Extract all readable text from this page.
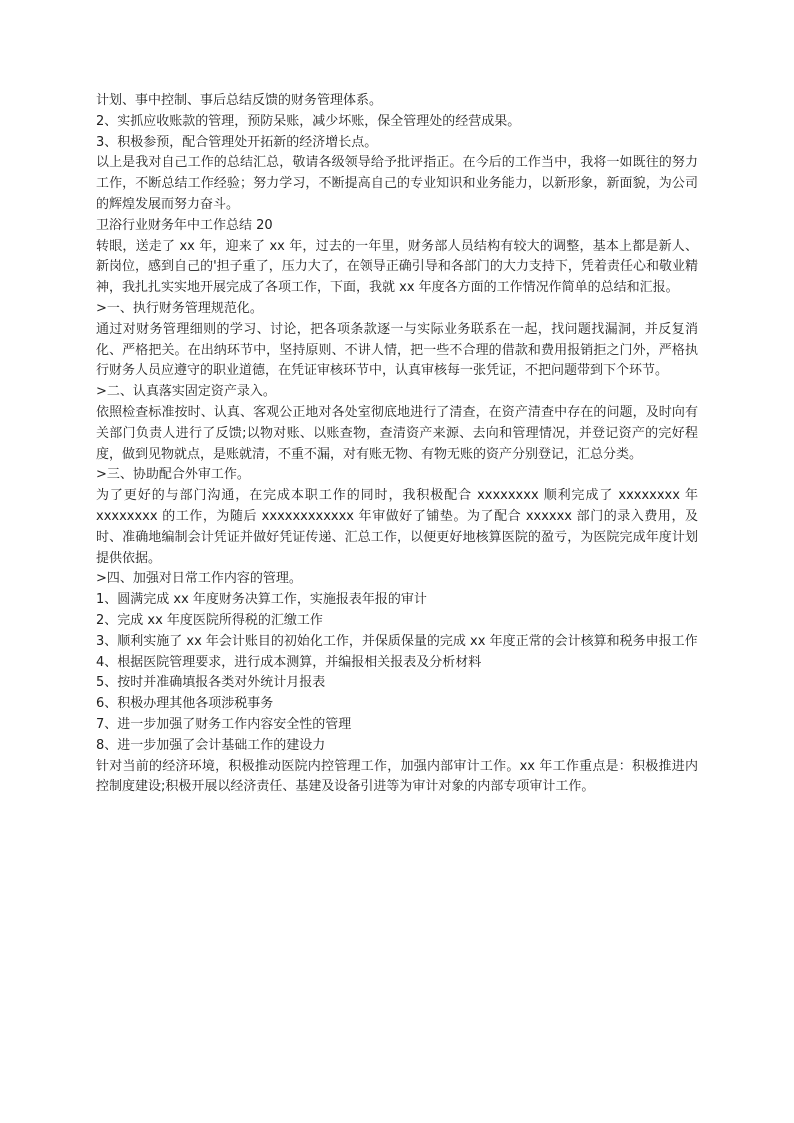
计划、事中控制、事后总结反馈的财务管理体系。
2、实抓应收账款的管理，预防呆账，减少坏账，保全管理处的经营成果。
3、积极参预，配合管理处开拓新的经济增长点。
以上是我对自己工作的总结汇总，敬请各级领导给予批评指正。在今后的工作当中，我将一如既往的努力工作，不断总结工作经验；努力学习，不断提高自己的专业知识和业务能力，以新形象，新面貌，为公司的辉煌发展而努力奋斗。
卫浴行业财务年中工作总结 20
转眼，送走了 xx 年，迎来了 xx 年，过去的一年里，财务部人员结构有较大的调整，基本上都是新人、新岗位，感到自己的'担子重了，压力大了，在领导正确引导和各部门的大力支持下，凭着责任心和敬业精神，我扎扎实实地开展完成了各项工作，下面，我就 xx 年度各方面的工作情况作简单的总结和汇报。
>一、执行财务管理规范化。
通过对财务管理细则的学习、讨论，把各项条款逐一与实际业务联系在一起，找问题找漏洞，并反复消化、严格把关。在出纳环节中，坚持原则、不讲人情，把一些不合理的借款和费用报销拒之门外，严格执行财务人员应遵守的职业道德，在凭证审核环节中，认真审核每一张凭证，不把问题带到下个环节。
>二、认真落实固定资产录入。
依照检查标准按时、认真、客观公正地对各处室彻底地进行了清查，在资产清查中存在的问题，及时向有关部门负责人进行了反馈;以物对账、以账查物，查清资产来源、去向和管理情况，并登记资产的完好程度，做到见物就点，是账就清，不重不漏，对有账无物、有物无账的资产分别登记，汇总分类。
>三、协助配合外审工作。
为了更好的与部门沟通，在完成本职工作的同时，我积极配合 xxxxxxxx 顺利完成了 xxxxxxxx 年xxxxxxxx 的工作，为随后 xxxxxxxxxxxx 年审做好了铺垫。为了配合 xxxxxx 部门的录入费用，及时、准确地编制会计凭证并做好凭证传递、汇总工作，以便更好地核算医院的盈亏，为医院完成年度计划提供依据。
>四、加强对日常工作内容的管理。
1、圆满完成 xx 年度财务决算工作，实施报表年报的审计
2、完成 xx 年度医院所得税的汇缴工作
3、顺利实施了 xx 年会计账目的初始化工作，并保质保量的完成 xx 年度正常的会计核算和税务申报工作
4、根据医院管理要求，进行成本测算，并编报相关报表及分析材料
5、按时并准确填报各类对外统计月报表
6、积极办理其他各项涉税事务
7、进一步加强了财务工作内容安全性的管理
8、进一步加强了会计基础工作的建设力
针对当前的经济环境，积极推动医院内控管理工作，加强内部审计工作。xx 年工作重点是：积极推进内控制度建设;积极开展以经济责任、基建及设备引进等为审计对象的内部专项审计工作。
